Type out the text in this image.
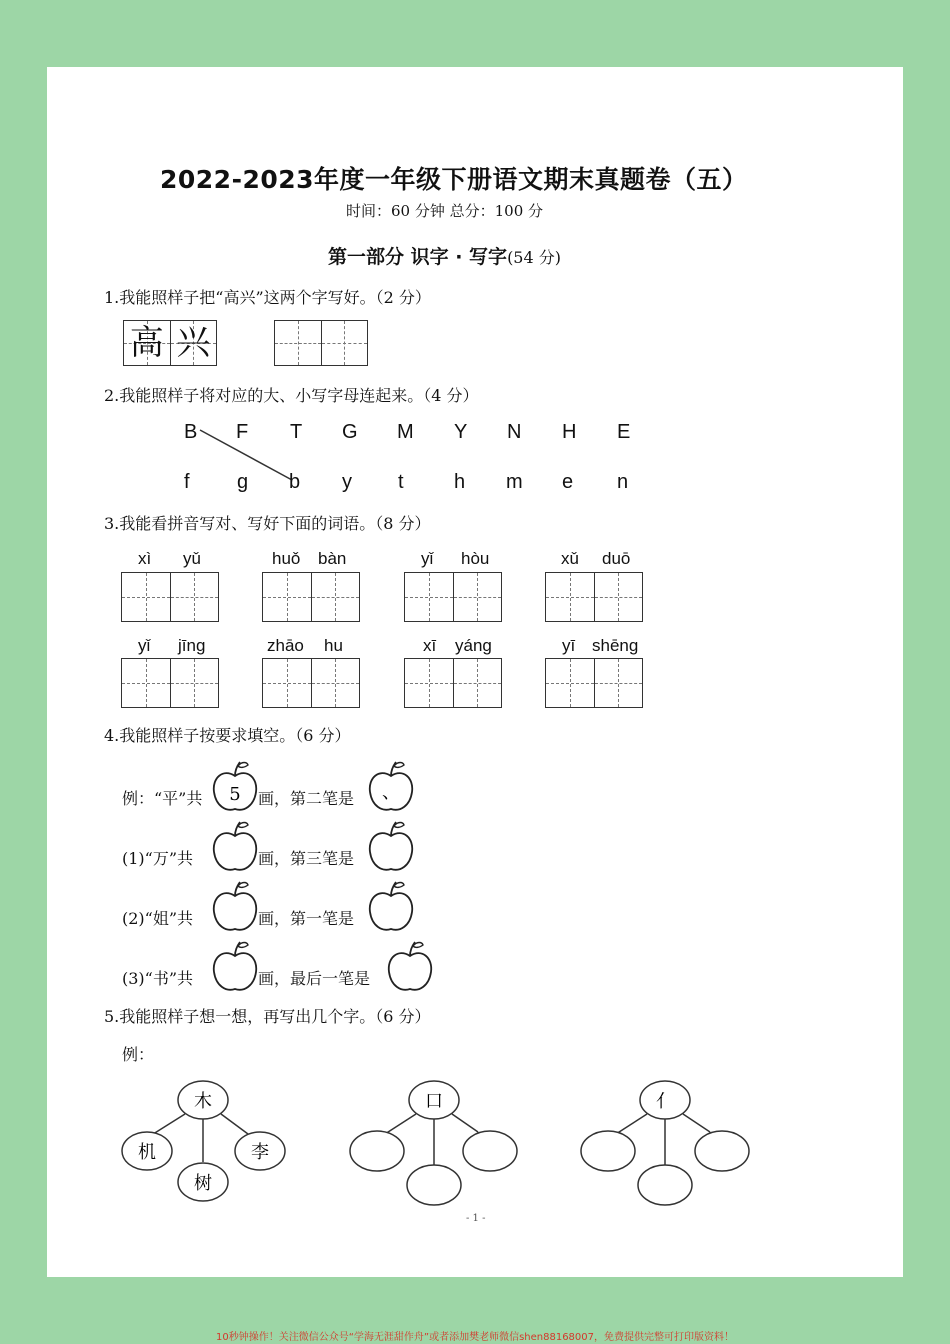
2022-2023年度一年级下册语文期末真题卷（五）
时间：60 分钟 总分：100 分
第一部分 识字 · 写字(54 分)
1.我能照样子把“高兴”这两个字写好。（2 分）
高 兴
2.我能照样子将对应的大、小写字母连起来。（4 分）
B F T G M Y N H E
f g b y t	h m e n
3.我能看拼音写对、写好下面的词语。（8 分）
xì yǔ	huǒ bàn	yǐ hòu	xǔ duō
yǐ jīng	zhāo hu	xī yáng	yī shēng
4.我能照样子按要求填空。（6 分）
例：“平”共 5 画，第二笔是 、
(1)“万”共	画，第三笔是
(2)“姐”共	画，第一笔是
(3)“书”共	画，最后一笔是
5.我能照样子想一想，再写出几个字。（6 分）
例：
木
机
树
李
口	亻
- 1 -
10秒钟操作！关注微信公众号“学海无涯甜作舟”或者添加樊老师微信shen88168007，免费提供完整可打印版资料！
